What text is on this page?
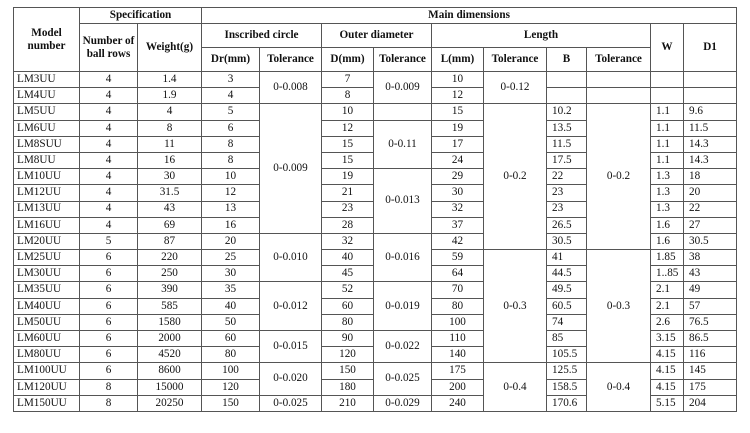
Model number	Specification		Main dimensions									
	Number of ball rows	Weight(g)	Inscribed circle		Outer diameter		Length				W	D1
			Dr(mm)	Tolerance	D(mm)	Tolerance	L(mm)	Tolerance	B	Tolerance		
LM3UU	4	1.4	3	0-0.008	7	0-0.009	10	0-0.12				
LM4UU	4	1.9	4		8		12					
LM5UU	4	4	5	0-0.009	10		15	0-0.2	10.2	0-0.2	1.1	9.6
LM6UU	4	8	6		12	0-0.11	19		13.5		1.1	11.5
LM8SUU	4	11	8		15		17		11.5		1.1	14.3
LM8UU	4	16	8		15		24		17.5		1.1	14.3
LM10UU	4	30	10		19	0-0.013	29		22		1.3	18
LM12UU	4	31.5	12		21		30		23		1.3	20
LM13UU	4	43	13		23		32		23		1.3	22
LM16UU	4	69	16		28		37		26.5		1.6	27
LM20UU	5	87	20	0-0.010	32	0-0.016	42		30.5		1.6	30.5
LM25UU	6	220	25		40		59	0-0.3	41	0-0.3	1.85	38
LM30UU	6	250	30		45		64		44.5		1..85	43
LM35UU	6	390	35	0-0.012	52	0-0.019	70		49.5		2.1	49
LM40UU	6	585	40		60		80		60.5		2.1	57
LM50UU	6	1580	50		80		100		74		2.6	76.5
LM60UU	6	2000	60	0-0.015	90	0-0.022	110		85		3.15	86.5
LM80UU	6	4520	80		120		140		105.5		4.15	116
LM100UU	6	8600	100	0-0.020	150	0-0.025	175	0-0.4	125.5	0-0.4	4.15	145
LM120UU	8	15000	120		180		200		158.5		4.15	175
LM150UU	8	20250	150	0-0.025	210	0-0.029	240		170.6		5.15	204
